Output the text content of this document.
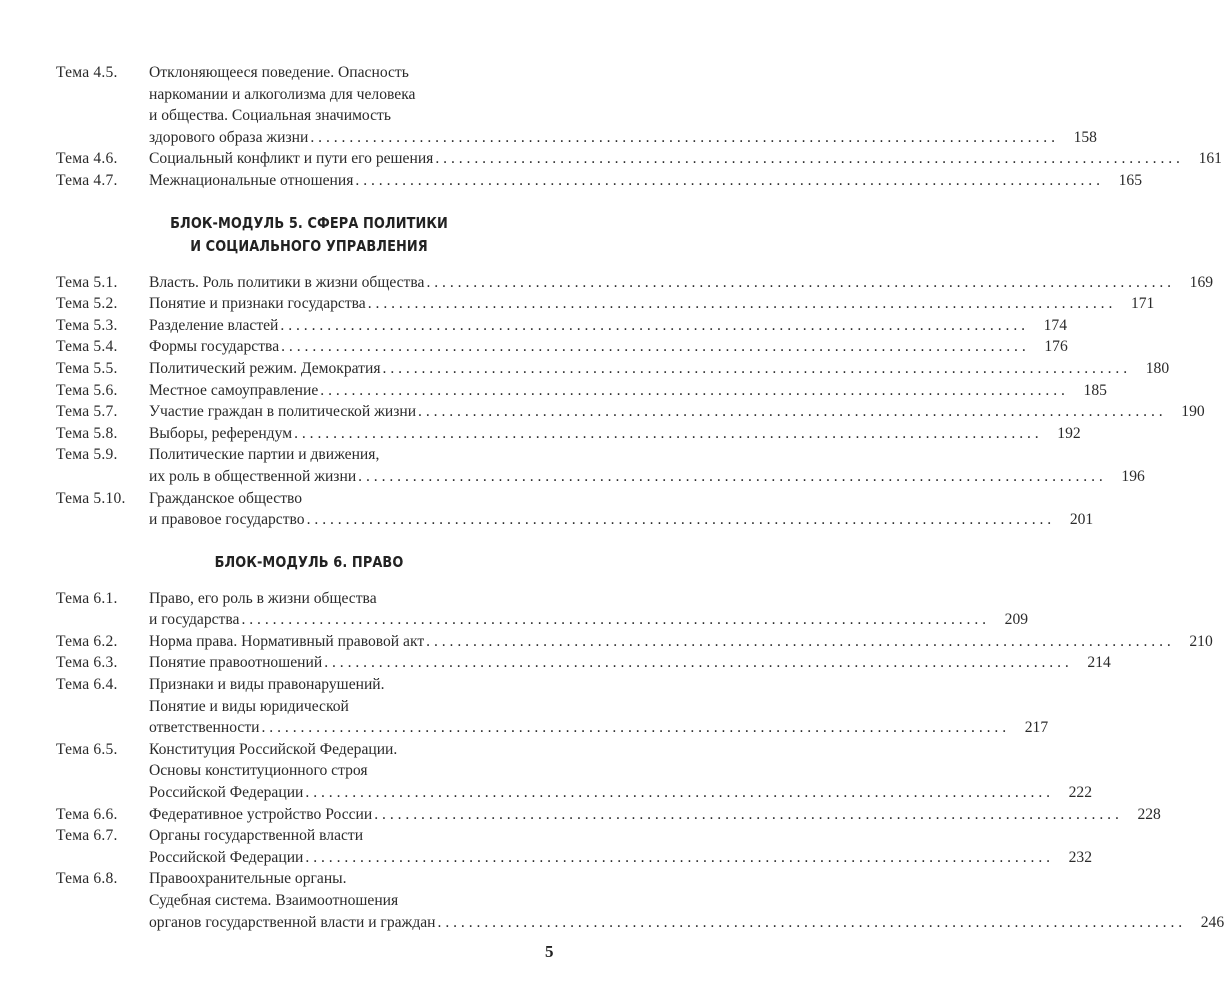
Тема 4.5.	Отклоняющееся поведение. Опасность
наркомании и алкоголизма для человека
и общества. Социальная значимость
здорового образа жизни . . .	158
Тема 4.6.	Социальный конфликт и пути его решения . . .	161
Тема 4.7.	Межнациональные отношения . . .	165
БЛОК-МОДУЛЬ 5. СФЕРА ПОЛИТИКИ
И СОЦИАЛЬНОГО УПРАВЛЕНИЯ
Тема 5.1.	Власть. Роль политики в жизни общества . . .	169
Тема 5.2.	Понятие и признаки государства . . .	171
Тема 5.3.	Разделение властей . . .	174
Тема 5.4.	Формы государства . . .	176
Тема 5.5.	Политический режим. Демократия . . .	180
Тема 5.6.	Местное самоуправление . . .	185
Тема 5.7.	Участие граждан в политической жизни . . .	190
Тема 5.8.	Выборы, референдум . . .	192
Тема 5.9.	Политические партии и движения,
их роль в общественной жизни . . .	196
Тема 5.10.	Гражданское общество
и правовое государство . . .	201
БЛОК-МОДУЛЬ 6. ПРАВО
Тема 6.1.	Право, его роль в жизни общества
и государства . . .	209
Тема 6.2.	Норма права. Нормативный правовой акт . . .	210
Тема 6.3.	Понятие правоотношений . . .	214
Тема 6.4.	Признаки и виды правонарушений.
Понятие и виды юридической
ответственности . . .	217
Тема 6.5.	Конституция Российской Федерации.
Основы конституционного строя
Российской Федерации . . .	222
Тема 6.6.	Федеративное устройство России . . .	228
Тема 6.7.	Органы государственной власти
Российской Федерации . . .	232
Тема 6.8.	Правоохранительные органы.
Судебная система. Взаимоотношения
органов государственной власти и граждан . . .	246
5
